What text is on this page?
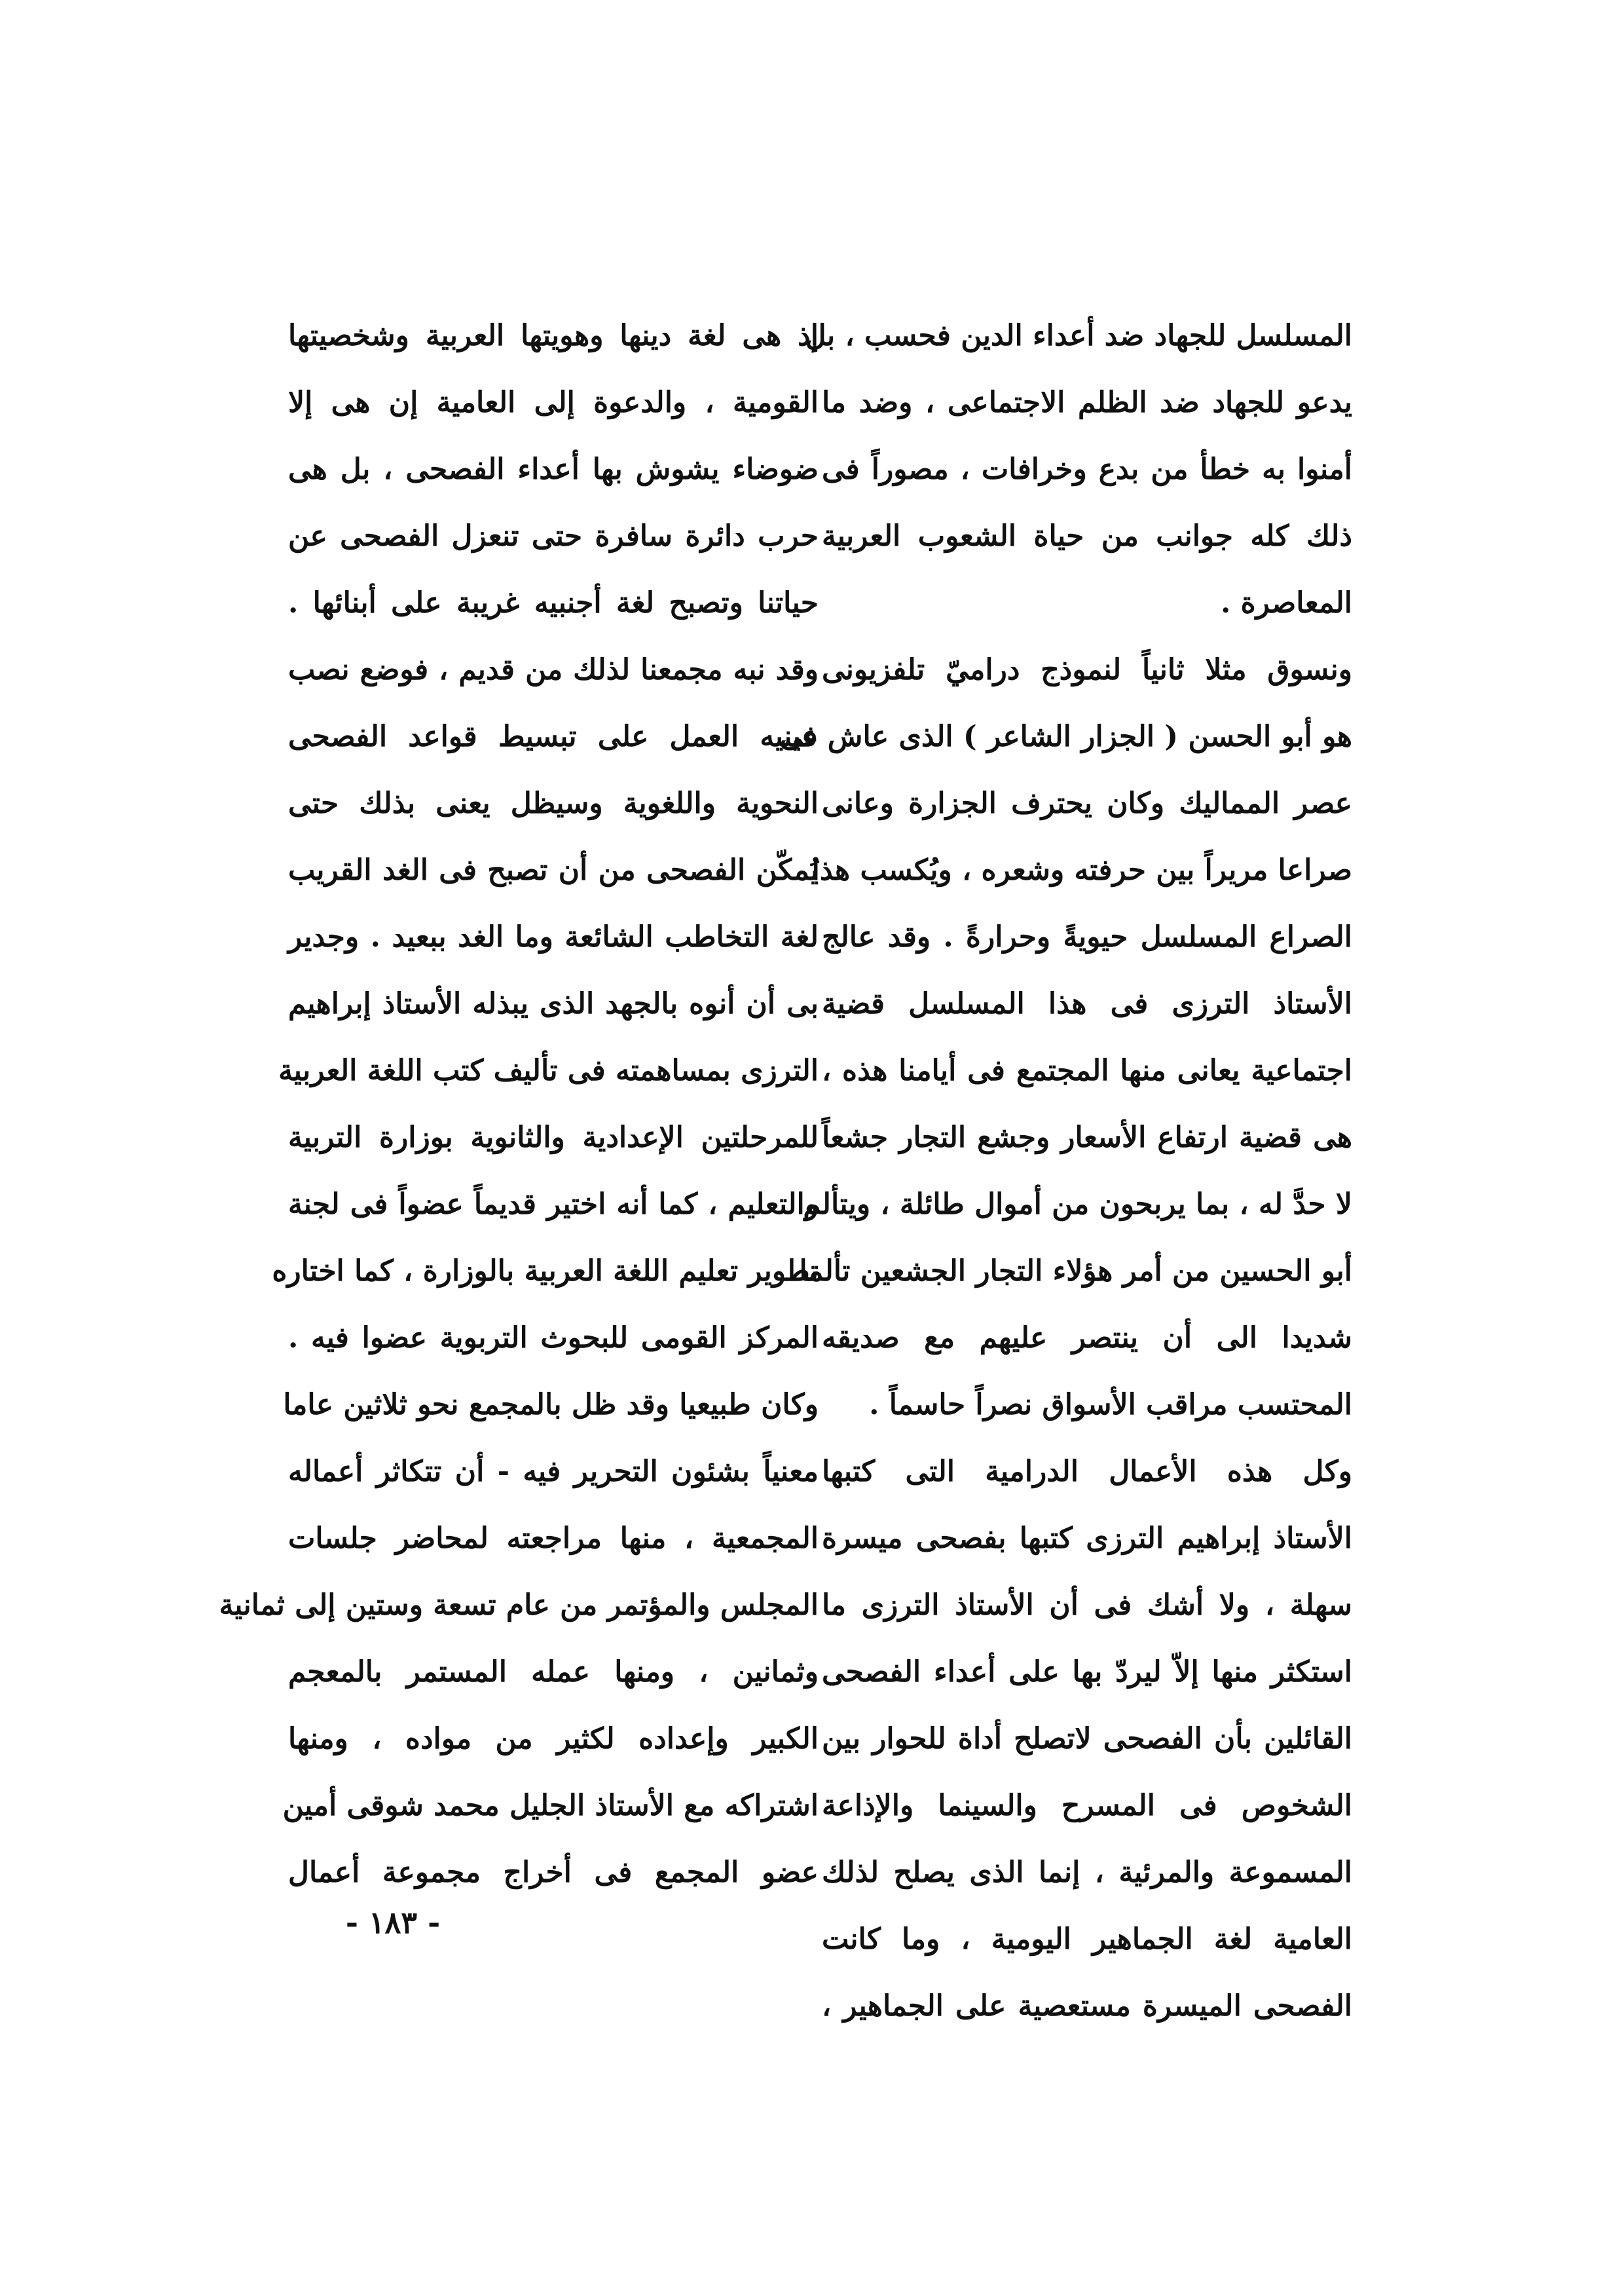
المسلسل للجهاد ضد أعداء الدين فحسب ، بل
يدعو للجهاد ضد الظلم الاجتماعى ، وضد ما
أمنوا به خطأ من بدع وخرافات ، مصوراً فى
ذلك كله جوانب من حياة الشعوب العربية
المعاصرة .
ونسوق مثلا ثانياً لنموذج دراميّ تلفزيونى
هو أبو الحسن ( الجزار الشاعر ) الذى عاش فى
عصر المماليك وكان يحترف الجزارة وعانى
صراعا مريراً بين حرفته وشعره ، ويُكسب هذا
الصراع المسلسل حيويةً وحرارةً . وقد عالج
الأستاذ الترزى فى هذا المسلسل قضية
اجتماعية يعانى منها المجتمع فى أيامنا هذه ،
هى قضية ارتفاع الأسعار وجشع التجار جشعاً
لا حدَّ له ، بما يربحون من أموال طائلة ، ويتألم
أبو الحسين من أمر هؤلاء التجار الجشعين تألما
شديدا الى أن ينتصر عليهم مع صديقه
المحتسب مراقب الأسواق نصراً حاسماً .
وكل هذه الأعمال الدرامية التى كتبها
الأستاذ إبراهيم الترزى كتبها بفصحى ميسرة
سهلة ، ولا أشك فى أن الأستاذ الترزى ما
استكثر منها إلاّ ليردّ بها على أعداء الفصحى
القائلين بأن الفصحى لاتصلح أداة للحوار بين
الشخوص فى المسرح والسينما والإذاعة
المسموعة والمرئية ، إنما الذى يصلح لذلك
العامية لغة الجماهير اليومية ، وما كانت
الفصحى الميسرة مستعصية على الجماهير ،
إذ هى لغة دينها وهويتها العربية وشخصيتها
القومية ، والدعوة إلى العامية إن هى إلا
ضوضاء يشوش بها أعداء الفصحى ، بل هى
حرب دائرة سافرة حتى تنعزل الفصحى عن
حياتنا وتصبح لغة أجنبيه غريبة على أبنائها .
وقد نبه مجمعنا لذلك من قديم ، فوضع نصب
عينيه العمل على تبسيط قواعد الفصحى
النحوية واللغوية وسيظل يعنى بذلك حتى
يُمكّن الفصحى من أن تصبح فى الغد القريب
لغة التخاطب الشائعة وما الغد ببعيد . وجدير
بى أن أنوه بالجهد الذى يبذله الأستاذ إبراهيم
الترزى بمساهمته فى تأليف كتب اللغة العربية
للمرحلتين الإعدادية والثانوية بوزارة التربية
والتعليم ، كما أنه اختير قديماً عضواً فى لجنة
تطوير تعليم اللغة العربية بالوزارة ، كما اختاره
المركز القومى للبحوث التربوية عضوا فيه .
وكان طبيعيا وقد ظل بالمجمع نحو ثلاثين عاما
معنياً بشئون التحرير فيه - أن تتكاثر أعماله
المجمعية ، منها مراجعته لمحاضر جلسات
المجلس والمؤتمر من عام تسعة وستين إلى ثمانية
وثمانين ، ومنها عمله المستمر بالمعجم
الكبير وإعداده لكثير من مواده ، ومنها
اشتراكه مع الأستاذ الجليل محمد شوقى أمين
عضو المجمع فى أخراج مجموعة أعمال
- ١٨٣ -
